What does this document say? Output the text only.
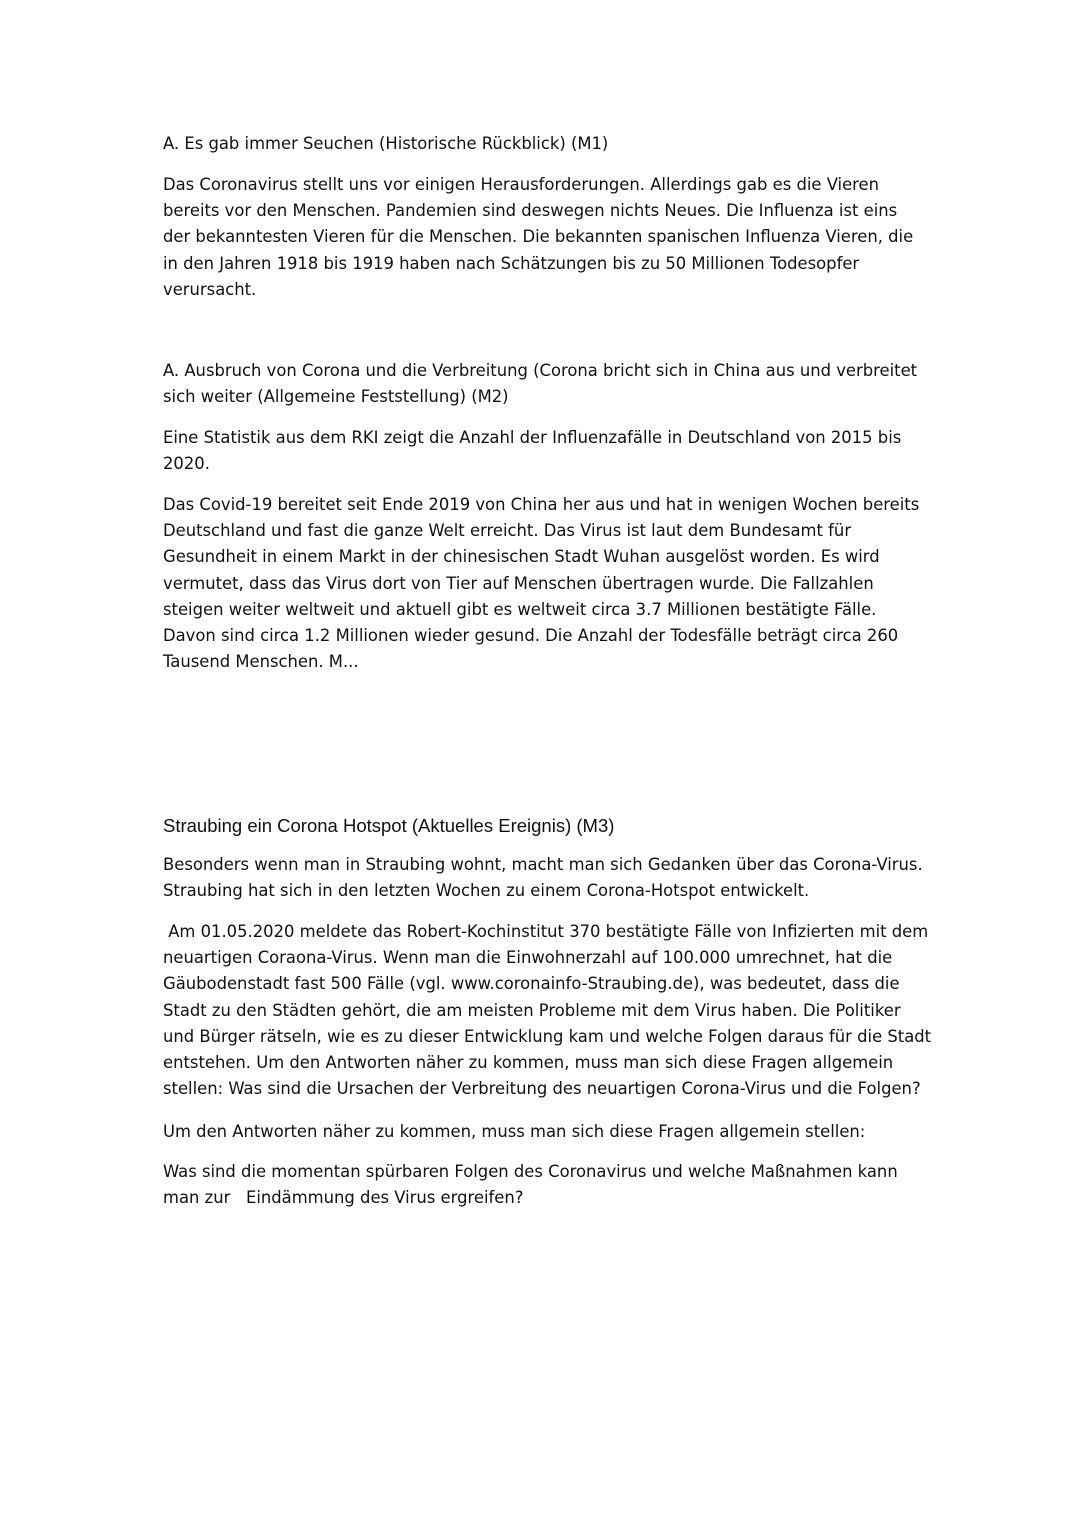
A. Es gab immer Seuchen (Historische Rückblick) (M1)

Das Coronavirus stellt uns vor einigen Herausforderungen. Allerdings gab es die Vieren
bereits vor den Menschen. Pandemien sind deswegen nichts Neues. Die Influenza ist eins
der bekanntesten Vieren für die Menschen. Die bekannten spanischen Influenza Vieren, die
in den Jahren 1918 bis 1919 haben nach Schätzungen bis zu 50 Millionen Todesopfer
verursacht.

A. Ausbruch von Corona und die Verbreitung (Corona bricht sich in China aus und verbreitet
sich weiter (Allgemeine Feststellung) (M2)

Eine Statistik aus dem RKI zeigt die Anzahl der Influenzafälle in Deutschland von 2015 bis
2020.

Das Covid-19 bereitet seit Ende 2019 von China her aus und hat in wenigen Wochen bereits
Deutschland und fast die ganze Welt erreicht. Das Virus ist laut dem Bundesamt für
Gesundheit in einem Markt in der chinesischen Stadt Wuhan ausgelöst worden. Es wird
vermutet, dass das Virus dort von Tier auf Menschen übertragen wurde. Die Fallzahlen
steigen weiter weltweit und aktuell gibt es weltweit circa 3.7 Millionen bestätigte Fälle.
Davon sind circa 1.2 Millionen wieder gesund. Die Anzahl der Todesfälle beträgt circa 260
Tausend Menschen. M...

Straubing ein Corona Hotspot (Aktuelles Ereignis) (M3)

Besonders wenn man in Straubing wohnt, macht man sich Gedanken über das Corona-Virus.
Straubing hat sich in den letzten Wochen zu einem Corona-Hotspot entwickelt.

Am 01.05.2020 meldete das Robert-Kochinstitut 370 bestätigte Fälle von Infizierten mit dem
neuartigen Coraona-Virus. Wenn man die Einwohnerzahl auf 100.000 umrechnet, hat die
Gäubodenstadt fast 500 Fälle (vgl. www.coronainfo-Straubing.de), was bedeutet, dass die
Stadt zu den Städten gehört, die am meisten Probleme mit dem Virus haben. Die Politiker
und Bürger rätseln, wie es zu dieser Entwicklung kam und welche Folgen daraus für die Stadt
entstehen. Um den Antworten näher zu kommen, muss man sich diese Fragen allgemein
stellen: Was sind die Ursachen der Verbreitung des neuartigen Corona-Virus und die Folgen?

Um den Antworten näher zu kommen, muss man sich diese Fragen allgemein stellen:

Was sind die momentan spürbaren Folgen des Coronavirus und welche Maßnahmen kann
man zur   Eindämmung des Virus ergreifen?
